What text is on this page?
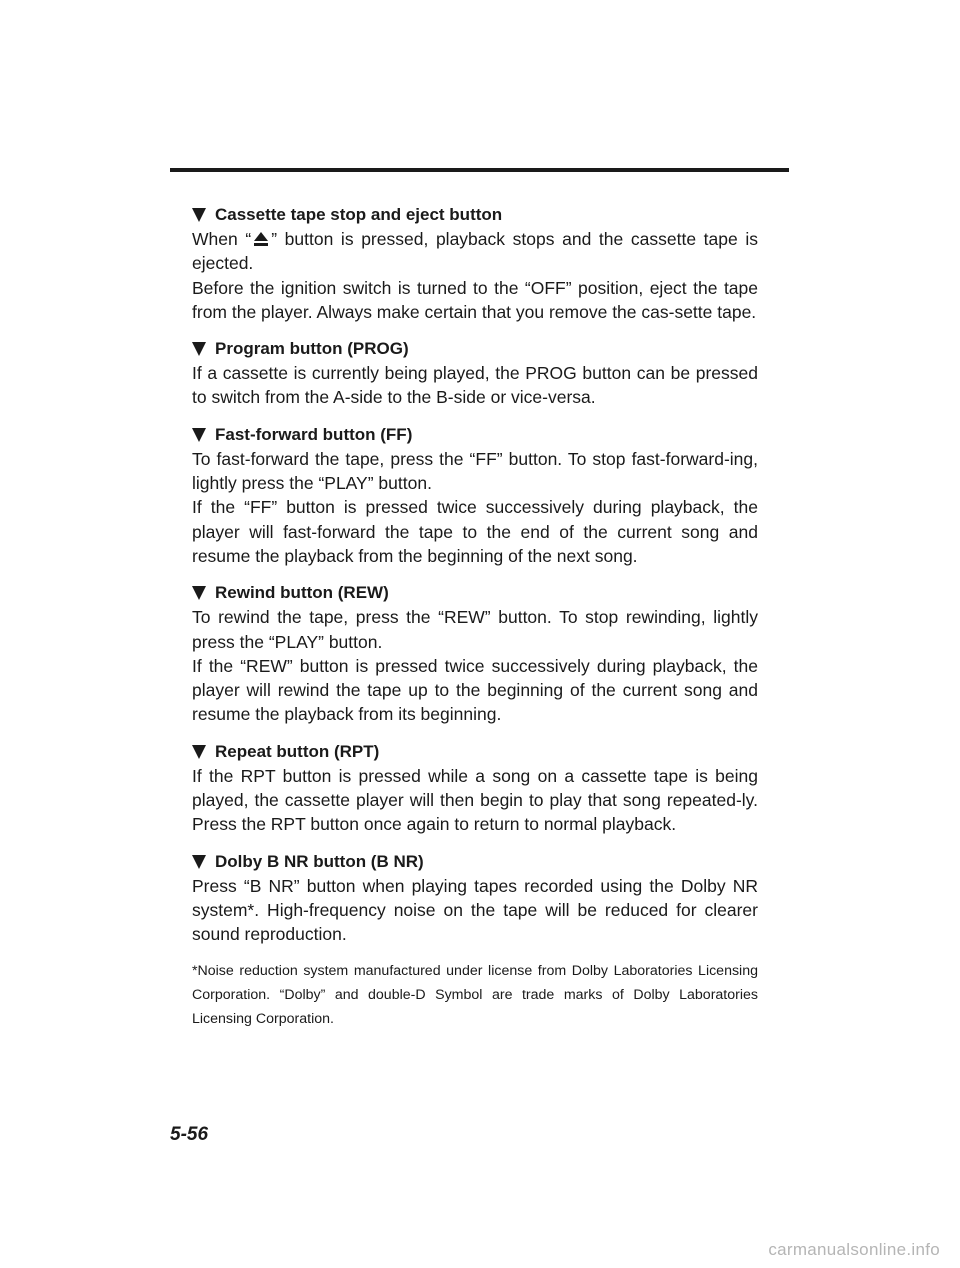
Cassette tape stop and eject button

When “ ” button is pressed, playback stops and the cassette tape is ejected.

Before the ignition switch is turned to the “OFF” position, eject the tape from the player. Always make certain that you remove the cas-sette tape.

Program button (PROG)

If a cassette is currently being played, the PROG button can be pressed to switch from the A-side to the B-side or vice-versa.

Fast-forward button (FF)

To fast-forward the tape, press the “FF” button. To stop fast-forward-ing, lightly press the “PLAY” button.

If the “FF” button is pressed twice successively during playback, the player will fast-forward the tape to the end of the current song and resume the playback from the beginning of the next song.

Rewind button (REW)

To rewind the tape, press the “REW” button. To stop rewinding, lightly press the “PLAY” button.

If the “REW” button is pressed twice successively during playback, the player will rewind the tape up to the beginning of the current song and resume the playback from its beginning.

Repeat button (RPT)

If the RPT button is pressed while a song on a cassette tape is being played, the cassette player will then begin to play that song repeated-ly. Press the RPT button once again to return to normal playback.

Dolby B NR button (B NR)

Press “B NR” button when playing tapes recorded using the Dolby NR system*. High-frequency noise on the tape will be reduced for clearer sound reproduction.

*Noise reduction system manufactured under license from Dolby Laboratories Licensing Corporation. “Dolby” and double-D Symbol are trade marks of Dolby Laboratories Licensing Corporation.
5-56
carmanualsonline.info
